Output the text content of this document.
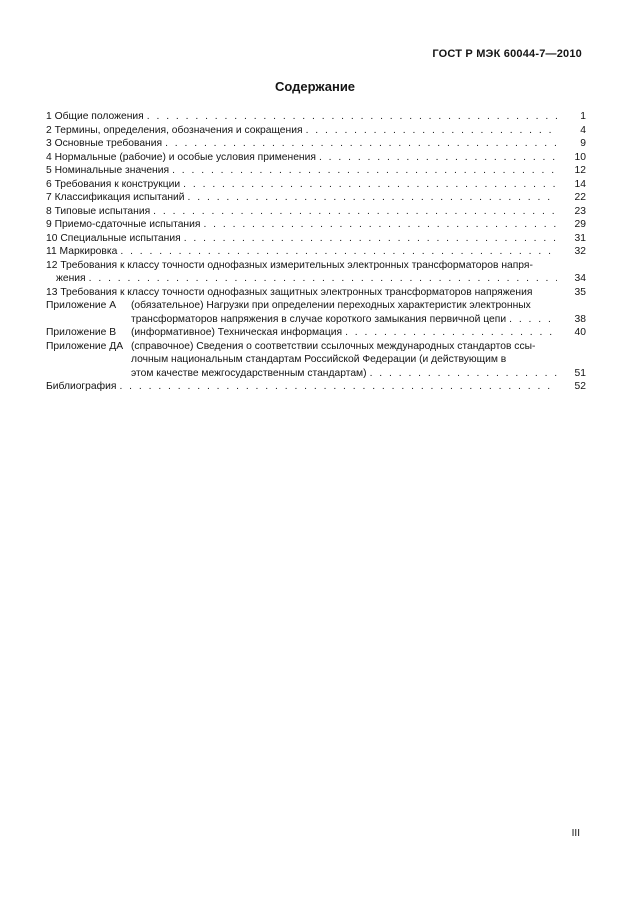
ГОСТ Р МЭК 60044-7—2010
Содержание
1 Общие положения . . .	1
2 Термины, определения, обозначения и сокращения . . .	4
3 Основные требования . . .	9
4 Нормальные (рабочие) и особые условия применения . . .	10
5 Номинальные значения . . .	12
6 Требования к конструкции . . .	14
7 Классификация испытаний . . .	22
8 Типовые испытания . . .	23
9 Приемо-сдаточные испытания . . .	29
10 Специальные испытания . . .	31
11 Маркировка . . .	32
12 Требования к классу точности однофазных измерительных электронных трансформаторов напря-
жения . . .	34
13 Требования к классу точности однофазных защитных электронных трансформаторов напряжения	35
Приложение А	(обязательное) Нагрузки при определении переходных характеристик электронных
трансформаторов напряжения в случае короткого замыкания первичной цепи . . .	38
Приложение В	(информативное) Техническая информация . . .	40
Приложение ДА (справочное) Сведения о соответствии ссылочных международных стандартов ссы-
лочным национальным стандартам Российской Федерации (и действующим в
этом качестве межгосударственным стандартам) . . .	51
Библиография . . .	52
III
